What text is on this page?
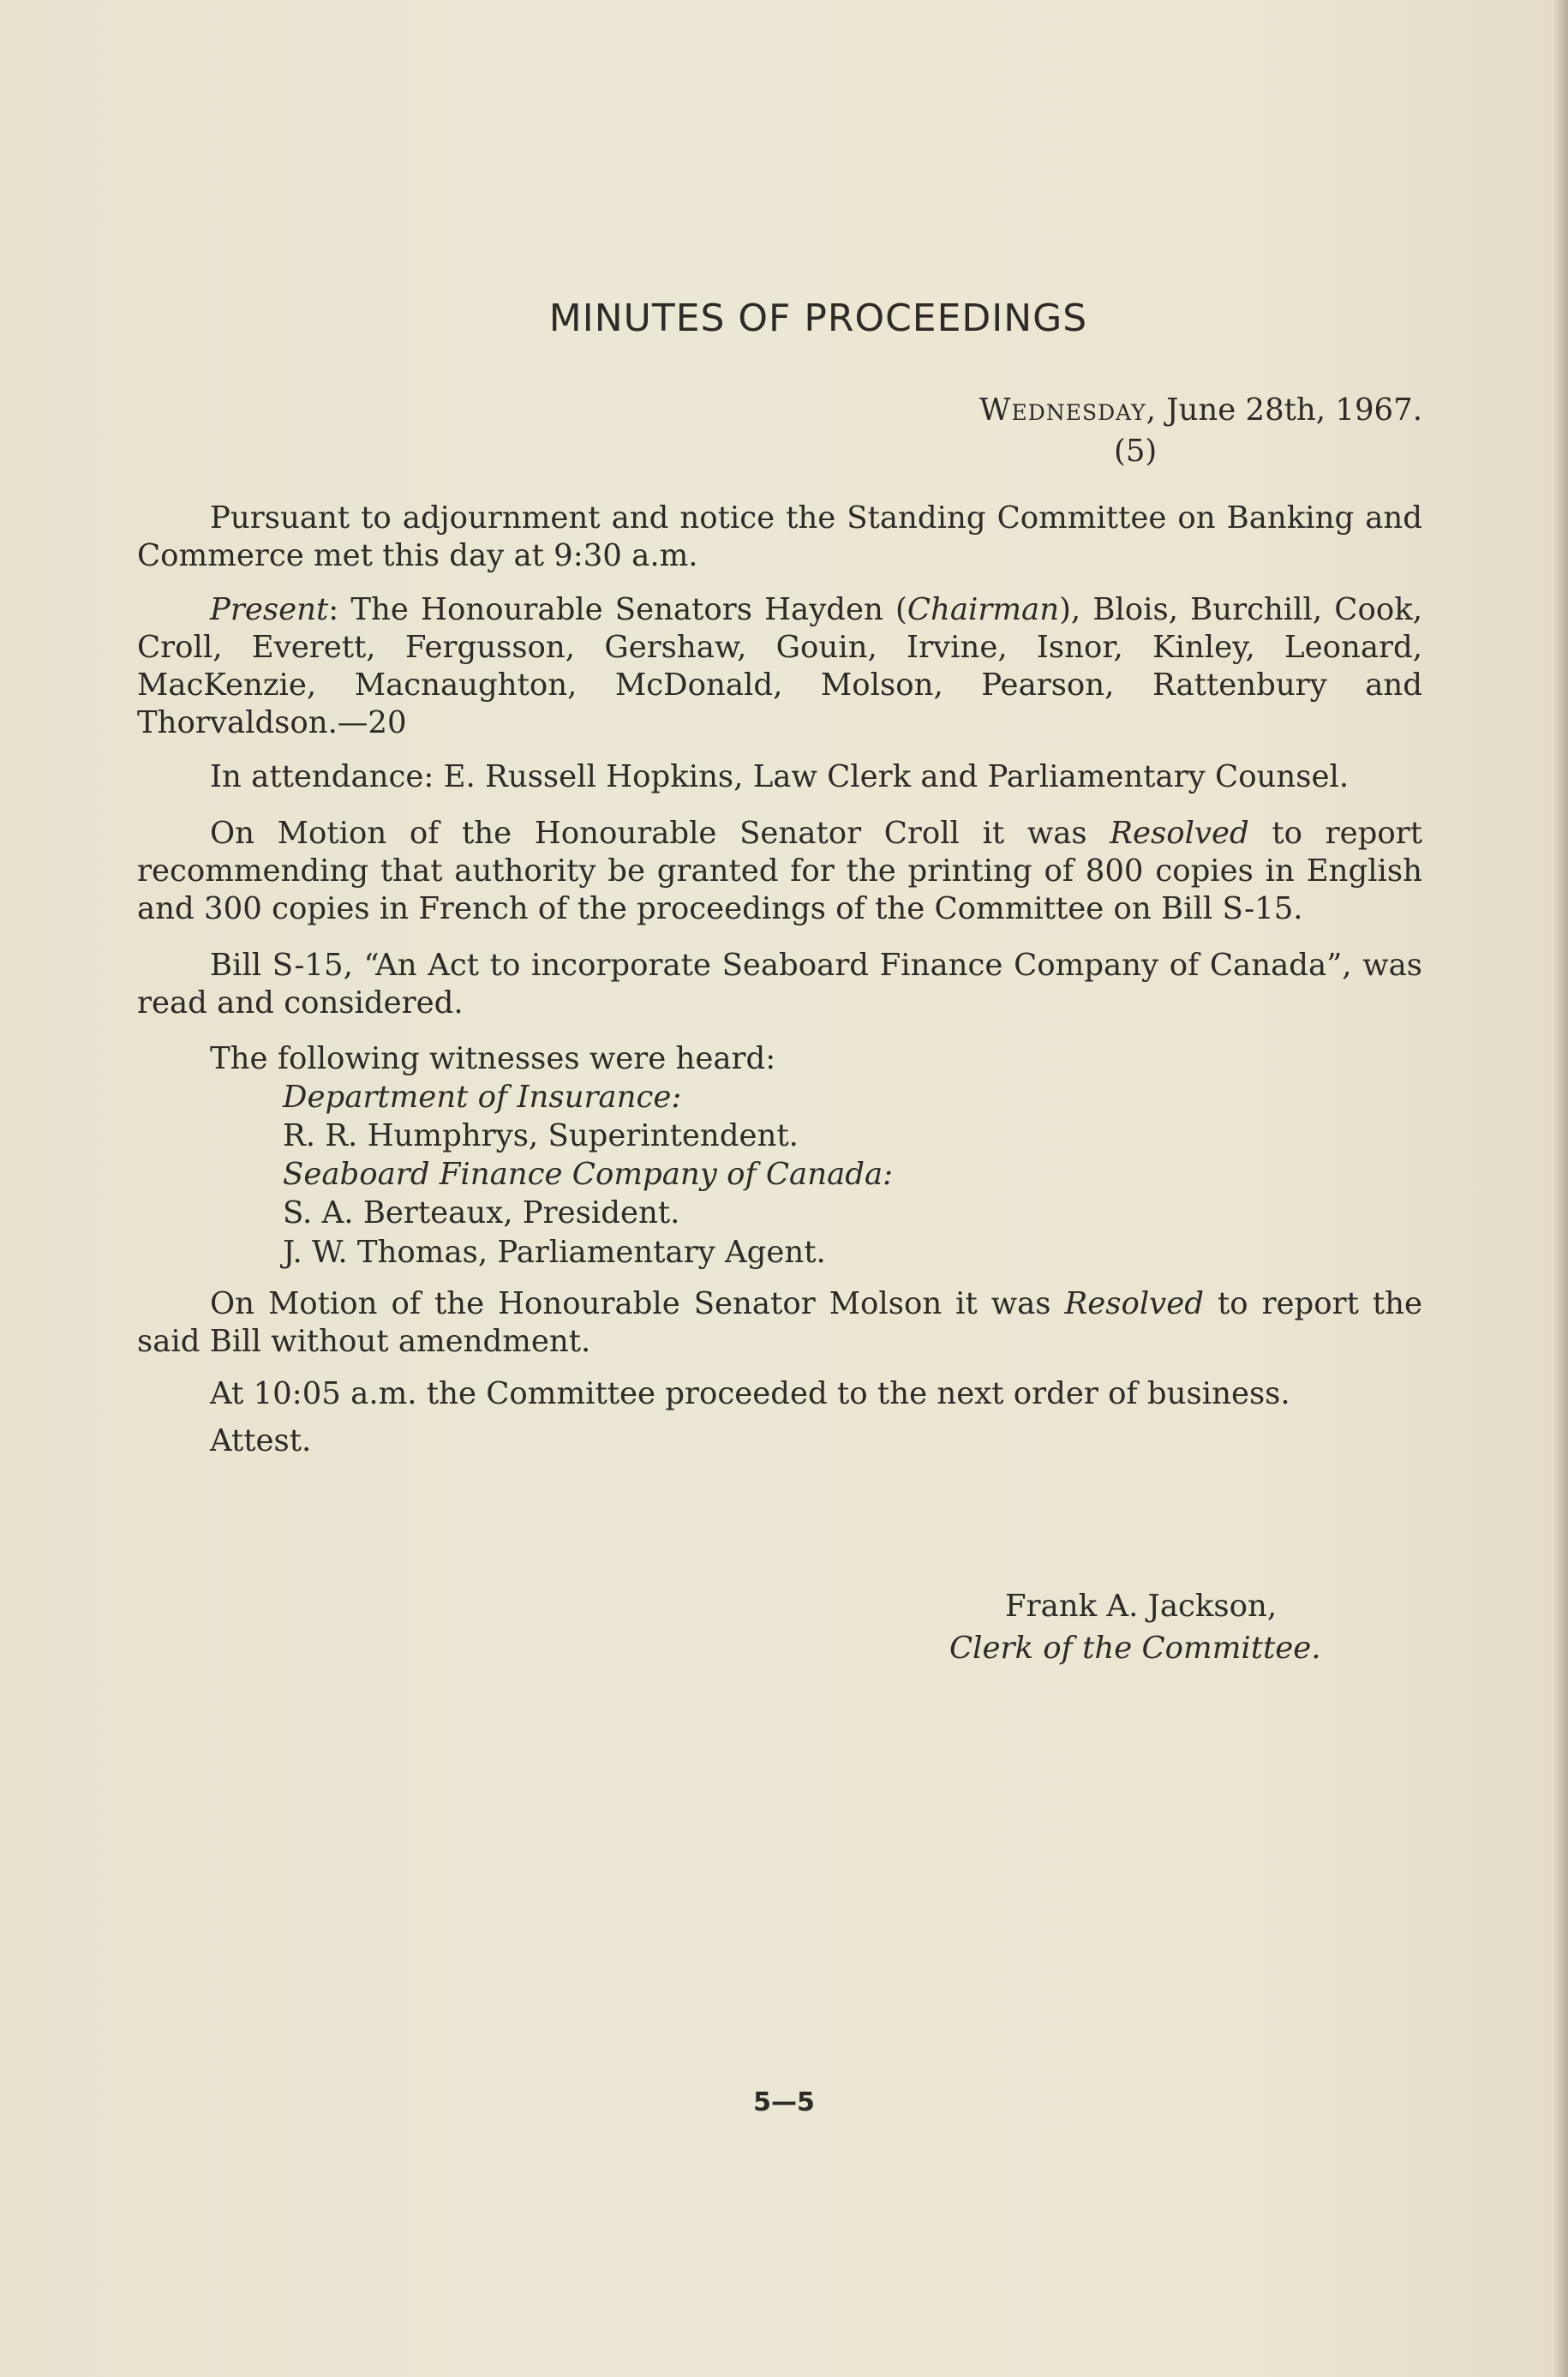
MINUTES OF PROCEEDINGS
Wednesday, June 28th, 1967.
(5)

Pursuant to adjournment and notice the Standing Committee on Banking and Commerce met this day at 9:30 a.m.

Present: The Honourable Senators Hayden (Chairman), Blois, Burchill, Cook, Croll, Everett, Fergusson, Gershaw, Gouin, Irvine, Isnor, Kinley, Leonard, MacKenzie, Macnaughton, McDonald, Molson, Pearson, Rattenbury and Thorvaldson.—20

In attendance: E. Russell Hopkins, Law Clerk and Parliamentary Counsel.

On Motion of the Honourable Senator Croll it was Resolved to report recommending that authority be granted for the printing of 800 copies in English and 300 copies in French of the proceedings of the Committee on Bill S-15.

Bill S-15, “An Act to incorporate Seaboard Finance Company of Canada”, was read and considered.

The following witnesses were heard:

Department of Insurance:

R. R. Humphrys, Superintendent.

Seaboard Finance Company of Canada:

S. A. Berteaux, President.

J. W. Thomas, Parliamentary Agent.

On Motion of the Honourable Senator Molson it was Resolved to report the said Bill without amendment.

At 10:05 a.m. the Committee proceeded to the next order of business.

Attest.

Frank A. Jackson,
Clerk of the Committee.
5—5
